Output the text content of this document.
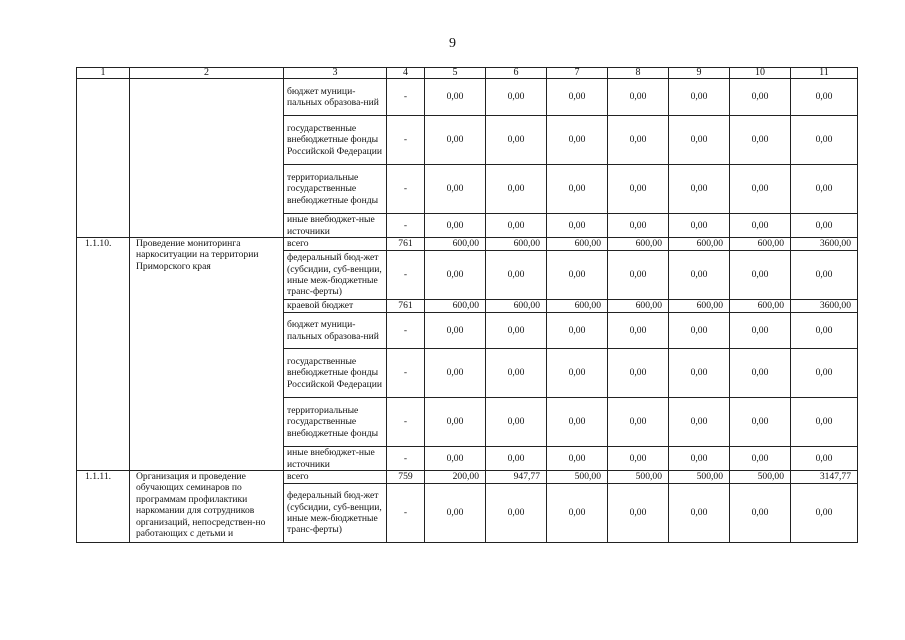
9
1	2	3	4	5	6	7	8	9	10	11
		бюджет муници-пальных образова-ний	-	0,00	0,00	0,00	0,00	0,00	0,00	0,00
		государственные внебюджетные фонды Российской Федерации	-	0,00	0,00	0,00	0,00	0,00	0,00	0,00
		территориальные государственные внебюджетные фонды	-	0,00	0,00	0,00	0,00	0,00	0,00	0,00
		иные внебюджет-ные источники	-	0,00	0,00	0,00	0,00	0,00	0,00	0,00
1.1.10.	Проведение мониторинга наркоситуации на территории Приморского края	всего	761	600,00	600,00	600,00	600,00	600,00	600,00	3600,00
		федеральный бюд-жет (субсидии, суб-венции, иные меж-бюджетные транс-ферты)	-	0,00	0,00	0,00	0,00	0,00	0,00	0,00
		краевой бюджет	761	600,00	600,00	600,00	600,00	600,00	600,00	3600,00
		бюджет муници-пальных образова-ний	-	0,00	0,00	0,00	0,00	0,00	0,00	0,00
		государственные внебюджетные фонды Российской Федерации	-	0,00	0,00	0,00	0,00	0,00	0,00	0,00
		территориальные государственные внебюджетные фонды	-	0,00	0,00	0,00	0,00	0,00	0,00	0,00
		иные внебюджет-ные источники	-	0,00	0,00	0,00	0,00	0,00	0,00	0,00
1.1.11.	Организация и проведение обучающих семинаров по программам профилактики наркомании для сотрудников организаций, непосредствен-но работающих с детьми и	всего	759	200,00	947,77	500,00	500,00	500,00	500,00	3147,77
		федеральный бюд-жет (субсидии, суб-венции, иные меж-бюджетные транс-ферты)	-	0,00	0,00	0,00	0,00	0,00	0,00	0,00
